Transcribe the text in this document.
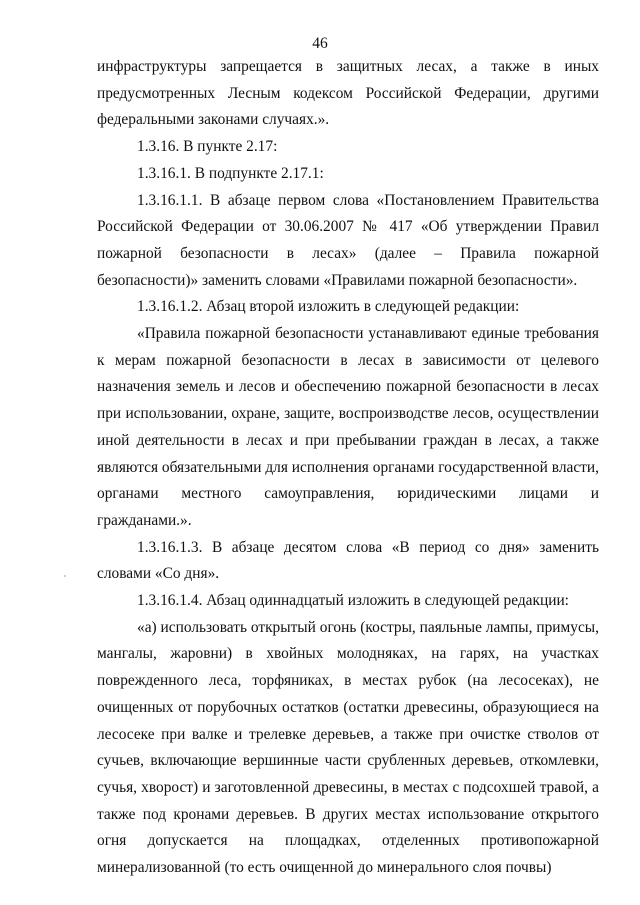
46

инфраструктуры запрещается в защитных лесах, а также в иных предусмотренных Лесным кодексом Российской Федерации, другими федеральными законами случаях.».

1.3.16. В пункте 2.17:

1.3.16.1. В подпункте 2.17.1:

1.3.16.1.1. В абзаце первом слова «Постановлением Правительства Российской Федерации от 30.06.2007 № 417 «Об утверждении Правил пожарной безопасности в лесах» (далее – Правила пожарной безопасности)» заменить словами «Правилами пожарной безопасности».

1.3.16.1.2. Абзац второй изложить в следующей редакции:

«Правила пожарной безопасности устанавливают единые требования к мерам пожарной безопасности в лесах в зависимости от целевого назначения земель и лесов и обеспечению пожарной безопасности в лесах при использовании, охране, защите, воспроизводстве лесов, осуществлении иной деятельности в лесах и при пребывании граждан в лесах, а также являются обязательными для исполнения органами государственной власти, органами местного самоуправления, юридическими лицами и гражданами.».

1.3.16.1.3. В абзаце десятом слова «В период со дня» заменить словами «Со дня».

1.3.16.1.4. Абзац одиннадцатый изложить в следующей редакции:

«а) использовать открытый огонь (костры, паяльные лампы, примусы, мангалы, жаровни) в хвойных молодняках, на гарях, на участках поврежденного леса, торфяниках, в местах рубок (на лесосеках), не очищенных от порубочных остатков (остатки древесины, образующиеся на лесосеке при валке и трелевке деревьев, а также при очистке стволов от сучьев, включающие вершинные части срубленных деревьев, откомлевки, сучья, хворост) и заготовленной древесины, в местах с подсохшей травой, а также под кронами деревьев. В других местах использование открытого огня допускается на площадках, отделенных противопожарной минерализованной (то есть очищенной до минерального слоя почвы)
